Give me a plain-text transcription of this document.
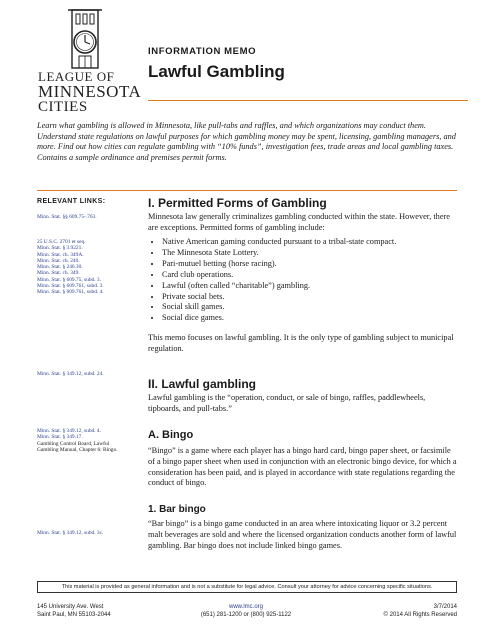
LEAGUE OF
MINNESOTA
CITIES
INFORMATION MEMO
Lawful Gambling
Learn what gambling is allowed in Minnesota, like pull-tabs and raffles, and which organizations may conduct them. Understand state regulations on lawful purposes for which gambling money may be spent, licensing, gambling managers, and more. Find out how cities can regulate gambling with “10% funds”, investigation fees, trade areas and local gambling taxes. Contains a sample ordinance and premises permit forms.
RELEVANT LINKS:
Minn. Stat. §§ 609.75-.763.
25 U.S.C. 2701 et seq.
Minn. Stat. § 3.9221.
Minn. Stat. ch. 349A.
Minn. Stat. ch. 240.
Minn. Stat. § 240.30.
Minn. Stat. ch. 349.
Minn. Stat. § 609.75, subd. 3.
Minn. Stat. § 609.761, subd. 3.
Minn. Stat. § 609.761, subd. 4.
Minn. Stat. § 349.12, subd. 24.
Minn. Stat. § 349.12, subd. 4.
Minn. Stat. § 349.17.
Gambling Control Board, Lawful Gambling Manual, Chapter 6: Bingo.
Minn. Stat. § 349.12, subd. 3c.
I. Permitted Forms of Gambling

Minnesota law generally criminalizes gambling conducted within the state. However, there are exceptions. Permitted forms of gambling include:

• Native American gaming conducted pursuant to a tribal-state compact.
• The Minnesota State Lottery.
• Pari-mutuel betting (horse racing).
• Card club operations.
• Lawful (often called “charitable”) gambling.
• Private social bets.
• Social skill games.
• Social dice games.

This memo focuses on lawful gambling. It is the only type of gambling subject to municipal regulation.

II. Lawful gambling

Lawful gambling is the “operation, conduct, or sale of bingo, raffles, paddlewheels, tipboards, and pull-tabs.”

A. Bingo

“Bingo” is a game where each player has a bingo hard card, bingo paper sheet, or facsimile of a bingo paper sheet when used in conjunction with an electronic bingo device, for which a consideration has been paid, and is played in accordance with state regulations regarding the conduct of bingo.

1. Bar bingo

“Bar bingo” is a bingo game conducted in an area where intoxicating liquor or 3.2 percent malt beverages are sold and where the licensed organization conducts another form of lawful gambling. Bar bingo does not include linked bingo games.

This material is provided as general information and is not a substitute for legal advice. Consult your attorney for advice concerning specific situations.
145 University Ave. West
Saint Paul, MN 55103-2044
www.lmc.org
(651) 281-1200 or (800) 925-1122
3/7/2014
© 2014 All Rights Reserved
